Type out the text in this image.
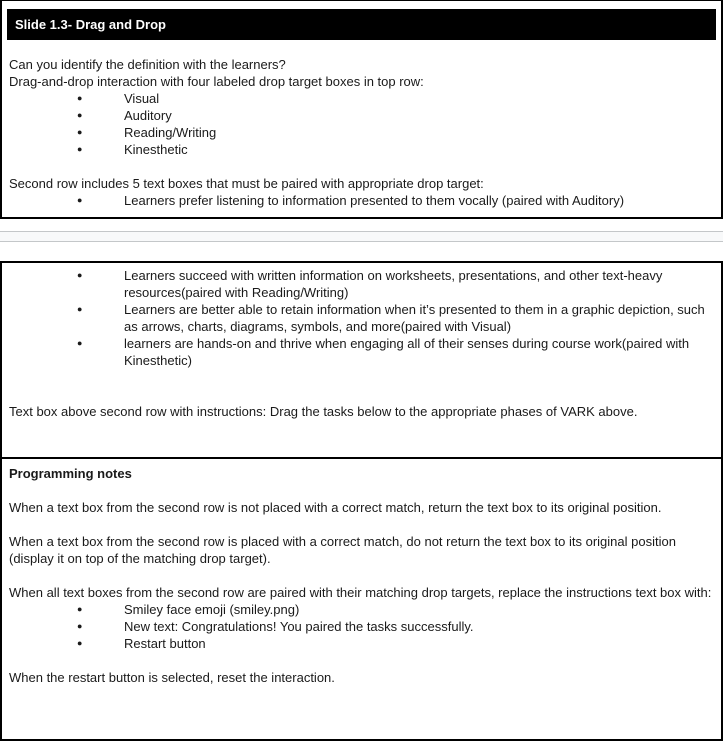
Slide 1.3- Drag and Drop

Can you identify the definition with the learners?

Drag-and-drop interaction with four labeled drop target boxes in top row:

● Visual
● Auditory
● Reading/Writing
● Kinesthetic

Second row includes 5 text boxes that must be paired with appropriate drop target:

● Learners prefer listening to information presented to them vocally (paired with Auditory)
● Learners succeed with written information on worksheets, presentations, and other text-heavy resources(paired with Reading/Writing)
● Learners are better able to retain information when it’s presented to them in a graphic depiction, such as arrows, charts, diagrams, symbols, and more(paired with Visual)
● learners are hands-on and thrive when engaging all of their senses during course work(paired with Kinesthetic)

Text box above second row with instructions: Drag the tasks below to the appropriate phases of VARK above.

Programming notes

When a text box from the second row is not placed with a correct match, return the text box to its original position.

When a text box from the second row is placed with a correct match, do not return the text box to its original position (display it on top of the matching drop target).

When all text boxes from the second row are paired with their matching drop targets, replace the instructions text box with:

● Smiley face emoji (smiley.png)
● New text: Congratulations! You paired the tasks successfully.
● Restart button

When the restart button is selected, reset the interaction.
